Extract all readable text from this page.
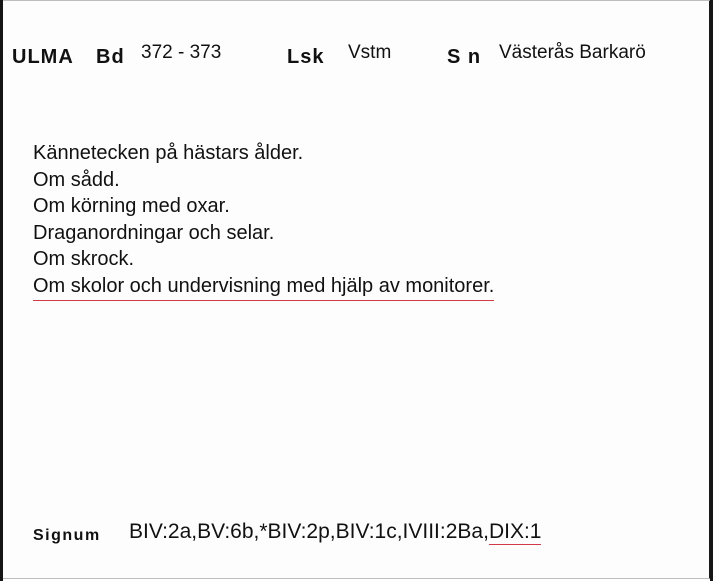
ULMA Bd 372 - 373	Lsk Vstm	S n Västerås Barkarö
Kännetecken på hästars ålder.
Om sådd.
Om körning med oxar.
Draganordningar och selar.
Om skrock.
Om skolor och undervisning med hjälp av monitorer.
Signum BIV:2a,BV:6b,*BIV:2p,BIV:1c,IVIII:2Ba,DIX:1
